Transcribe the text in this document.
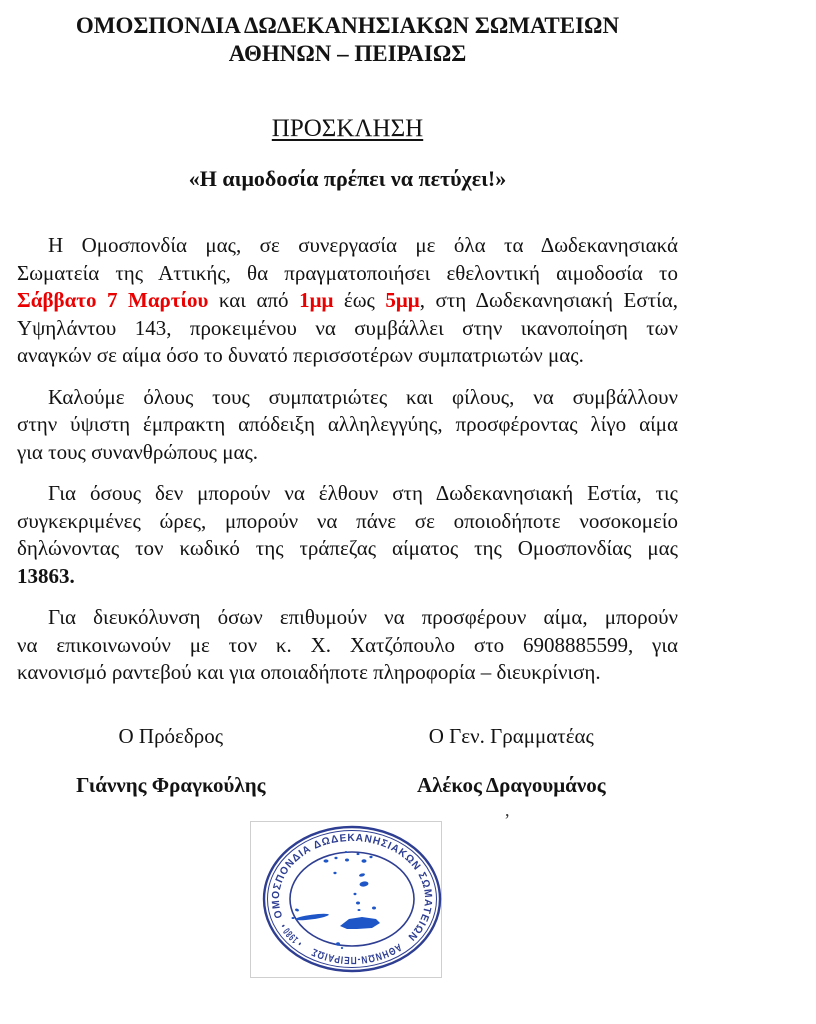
ΟΜΟΣΠΟΝΔΙΑ ΔΩΔΕΚΑΝΗΣΙΑΚΩΝ ΣΩΜΑΤΕΙΩΝ
ΑΘΗΝΩΝ – ΠΕΙΡΑΙΩΣ
ΠΡΟΣΚΛΗΣΗ
«Η αιμοδοσία πρέπει να πετύχει!»
Η Ομοσπονδία μας, σε συνεργασία με όλα τα Δωδεκανησιακά
Σωματεία της Αττικής, θα πραγματοποιήσει εθελοντική αιμοδοσία το
Σάββατο 7 Μαρτίου και από 1μμ έως 5μμ, στη Δωδεκανησιακή Εστία,
Υψηλάντου 143, προκειμένου να συμβάλλει στην ικανοποίηση των
αναγκών σε αίμα όσο το δυνατό περισσοτέρων συμπατριωτών μας.
Καλούμε όλους τους συμπατριώτες και φίλους, να συμβάλλουν
στην ύψιστη έμπρακτη απόδειξη αλληλεγγύης, προσφέροντας λίγο αίμα
για τους συνανθρώπους μας.
Για όσους δεν μπορούν να έλθουν στη Δωδεκανησιακή Εστία, τις
συγκεκριμένες ώρες, μπορούν να πάνε σε οποιοδήποτε νοσοκομείο
δηλώνοντας τον κωδικό της τράπεζας αίματος της Ομοσπονδίας μας
13863.
Για διευκόλυνση όσων επιθυμούν να προσφέρουν αίμα, μπορούν
να επικοινωνούν με τον κ. Χ. Χατζόπουλο στο 6908885599, για
κανονισμό ραντεβού και για οποιαδήποτε πληροφορία – διευκρίνιση.
Ο Πρόεδρος	Ο Γεν. Γραμματέας
Γιάννης Φραγκούλης	Αλέκος Δραγουμάνος
,
ΟΜΟΣΠΟΝΔΙΑ ΔΩΔΕΚΑΝΗΣΙΑΚΩΝ ΣΩΜΑΤΕΙΩΝ
ΑΘΗΝΩΝ-ΠΕΙΡΑΙΩΣ
• 1980 •
